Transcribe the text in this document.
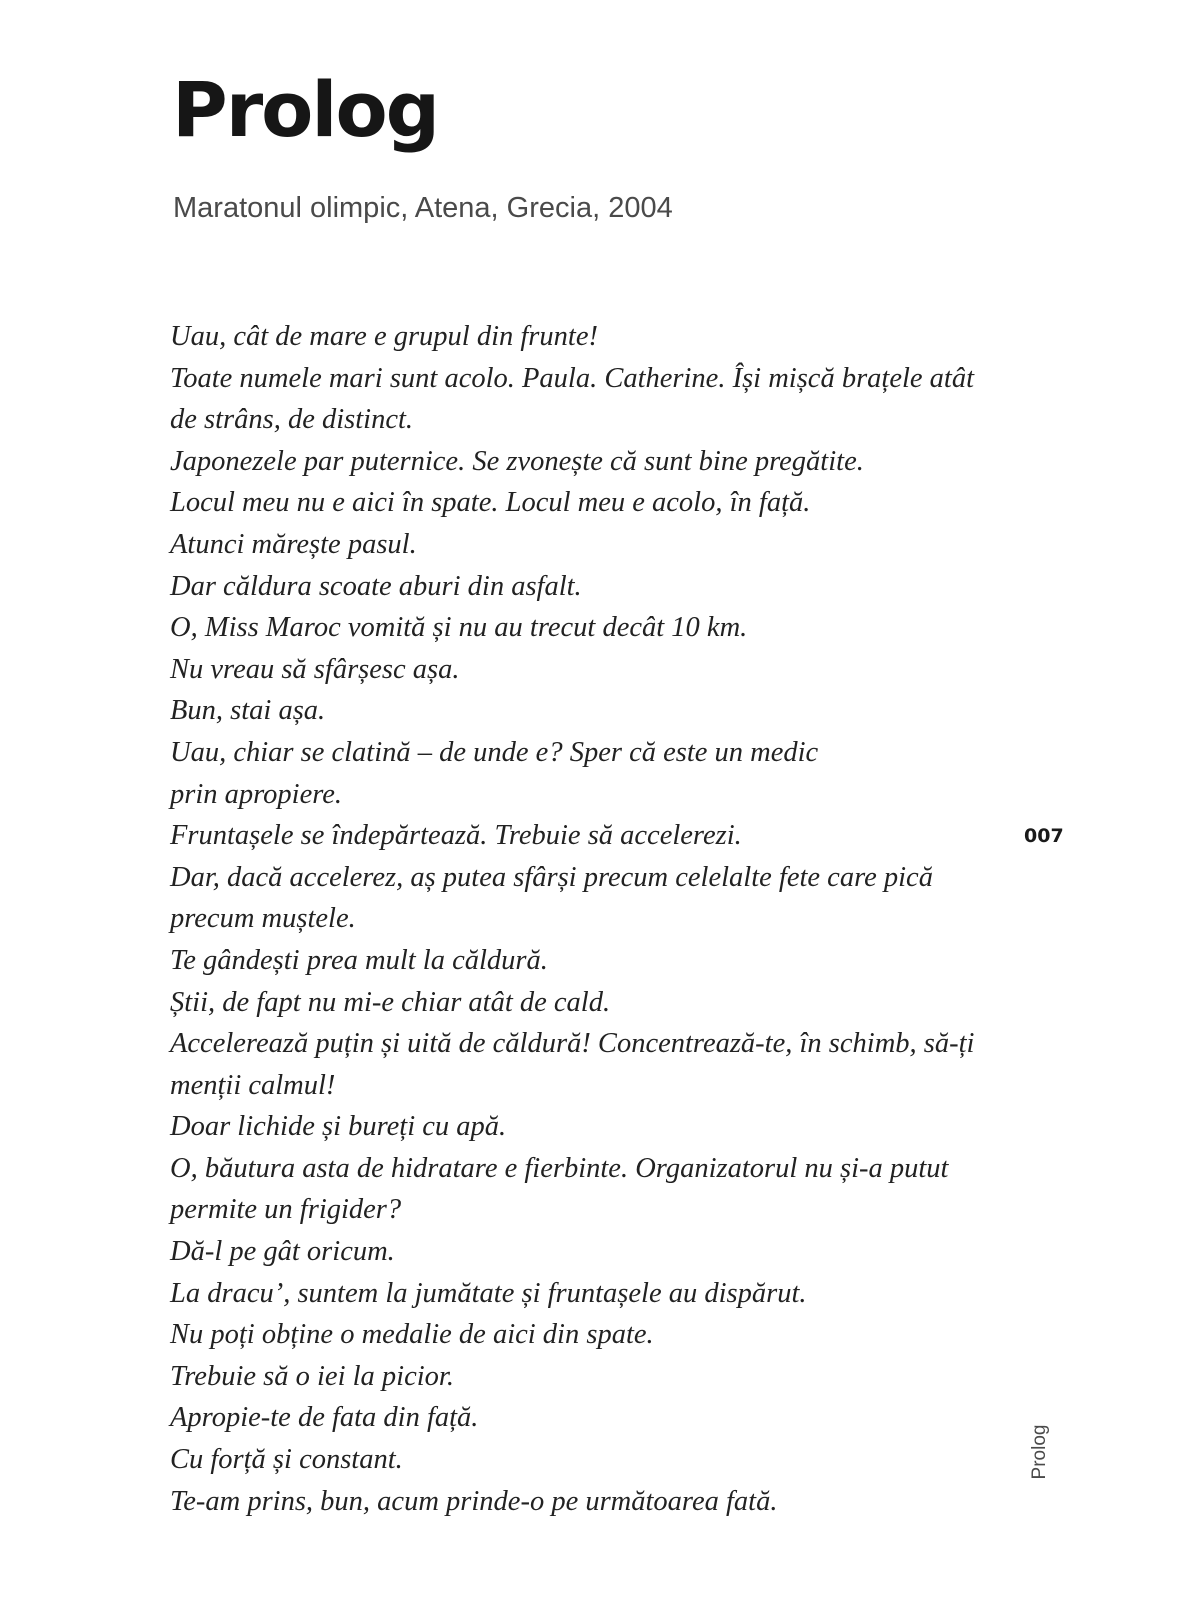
Prolog

Maratonul olimpic, Atena, Grecia, 2004

Uau, cât de mare e grupul din frunte!
Toate numele mari sunt acolo. Paula. Catherine. Își mișcă brațele atât
de strâns, de distinct.
Japonezele par puternice. Se zvonește că sunt bine pregătite.
Locul meu nu e aici în spate. Locul meu e acolo, în față.
Atunci mărește pasul.
Dar căldura scoate aburi din asfalt.
O, Miss Maroc vomită și nu au trecut decât 10 km.
Nu vreau să sfârșesc așa.
Bun, stai așa.
Uau, chiar se clatină – de unde e? Sper că este un medic
prin apropiere.
Fruntașele se îndepărtează. Trebuie să accelerezi.
Dar, dacă accelerez, aș putea sfârși precum celelalte fete care pică
precum muștele.
Te gândești prea mult la căldură.
Știi, de fapt nu mi-e chiar atât de cald.
Accelerează puțin și uită de căldură! Concentrează-te, în schimb, să-ți
menții calmul!
Doar lichide și bureți cu apă.
O, băutura asta de hidratare e fierbinte. Organizatorul nu și-a putut
permite un frigider?
Dă-l pe gât oricum.
La dracu’, suntem la jumătate și fruntașele au dispărut.
Nu poți obține o medalie de aici din spate.
Trebuie să o iei la picior.
Apropie-te de fata din față.
Cu forță și constant.
Te-am prins, bun, acum prinde-o pe următoarea fată.
007
Prolog
